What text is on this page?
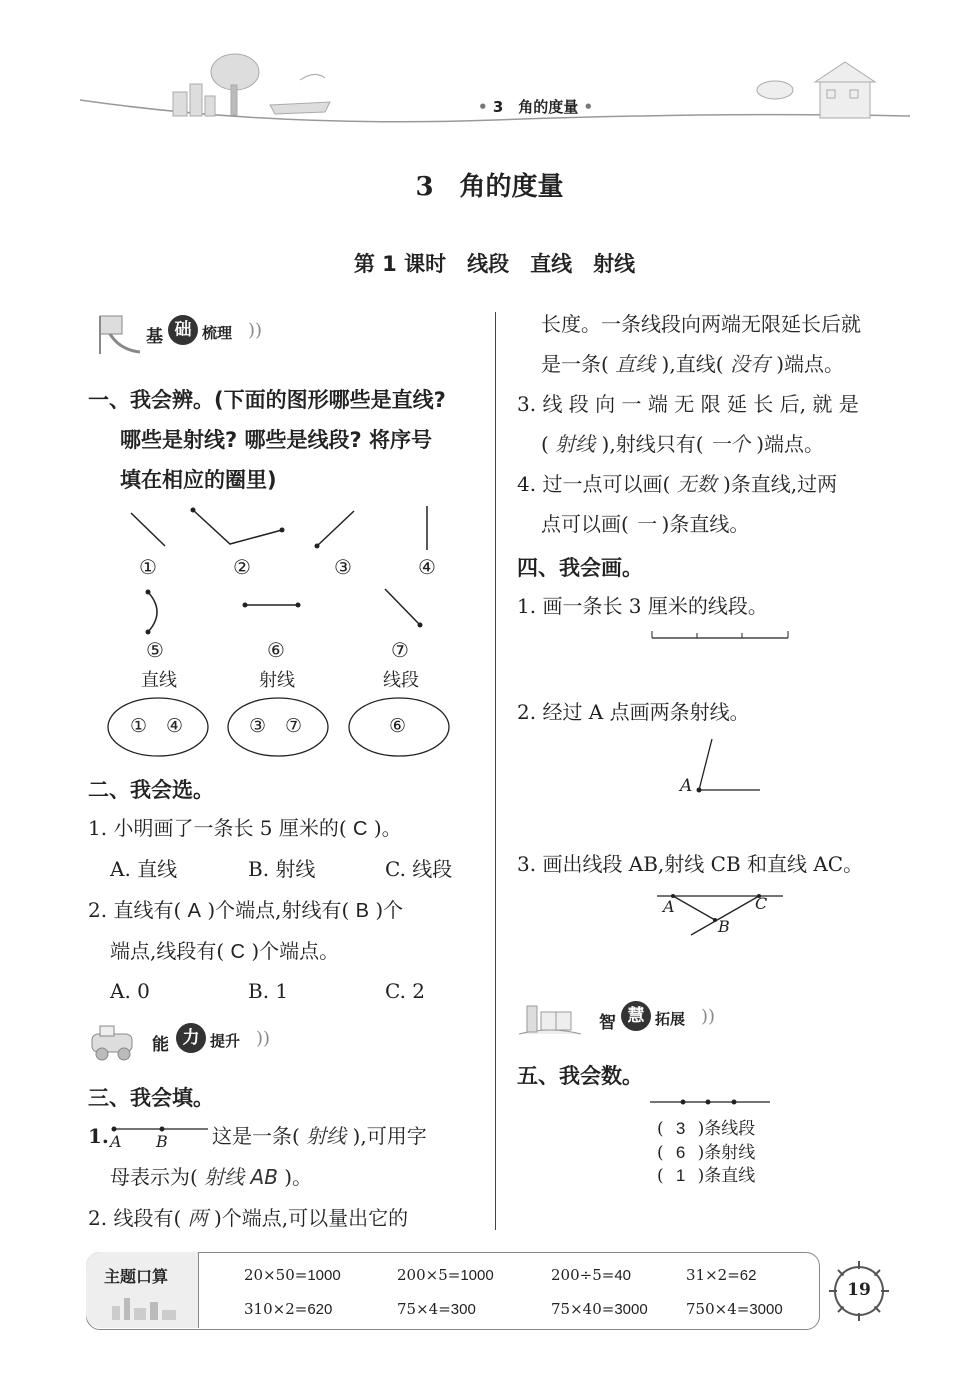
• 3　角的度量 •
3　角的度量
第 1 课时　线段　直线　射线
基 础 梳理 ))
一、我会辨。(下面的图形哪些是直线?
哪些是射线? 哪些是线段? 将序号
填在相应的圈里)
①	②	③	④
⑤	⑥	⑦
直线	射线	线段
①　④	③　⑦	⑥
二、我会选。
1. 小明画了一条长 5 厘米的( C )。
A. 直线	B. 射线	C. 线段
2. 直线有( A )个端点,射线有( B )个
端点,线段有( C )个端点。
A. 0	B. 1	C. 2
能 力 提升 ))
三、我会填。
1. A B 这是一条( 射线 ),可用字
母表示为( 射线 AB )。
2. 线段有( 两 )个端点,可以量出它的
长度。一条线段向两端无限延长后就
是一条( 直线 ),直线( 没有 )端点。
3. 线 段 向 一 端 无 限 延 长 后, 就 是
( 射线 ),射线只有( 一个 )端点。
4. 过一点可以画( 无数 )条直线,过两
点可以画( 一 )条直线。
四、我会画。
1. 画一条长 3 厘米的线段。
2. 经过 A 点画两条射线。
A
3. 画出线段 AB,射线 CB 和直线 AC。
A	C
B
智 慧 拓展 ))
五、我会数。
( 3 )条线段
( 6 )条射线
( 1 )条直线
主题口算	20×50=1000	200×5=1000	200÷5=40	31×2=62
310×2=620	75×4=300	75×40=3000	750×4=3000
19
